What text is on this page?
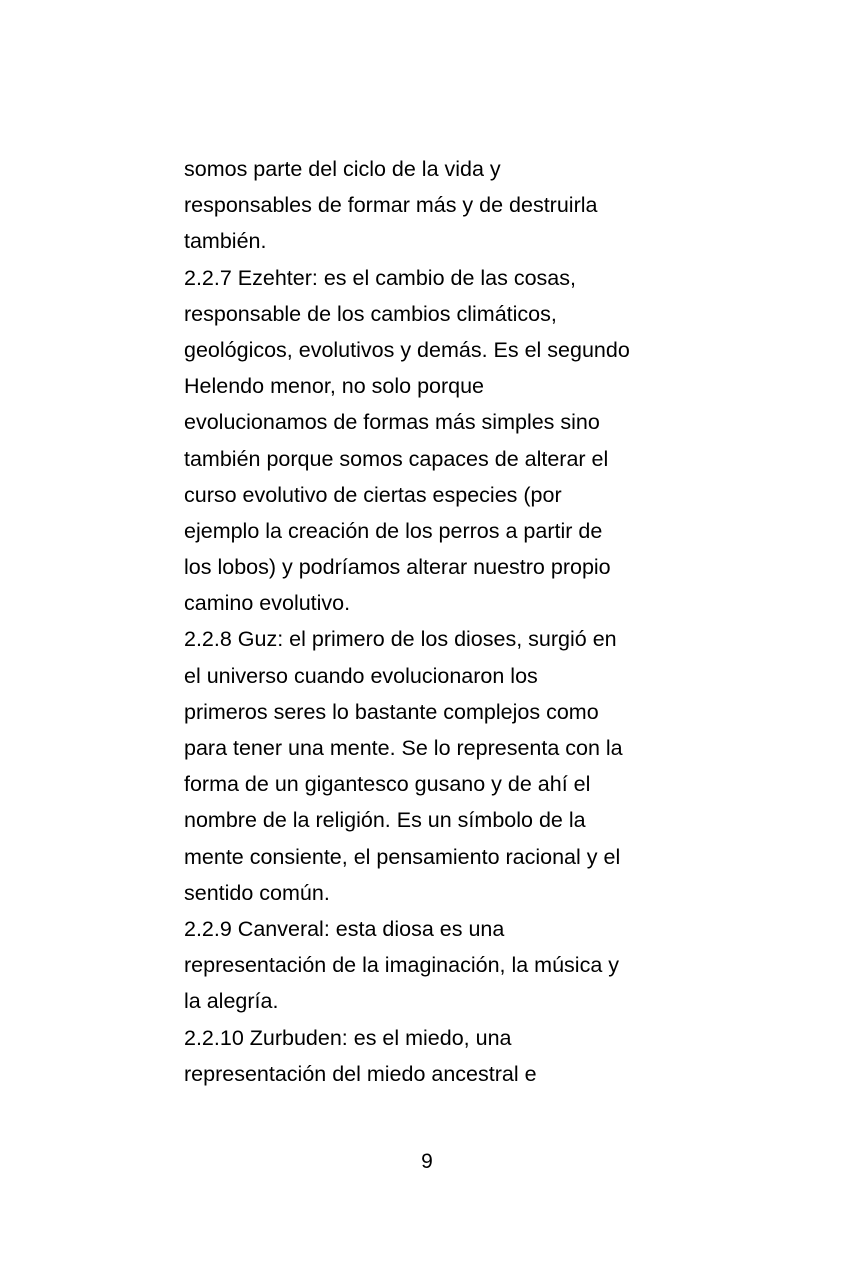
somos parte del ciclo de la vida y
responsables de formar más y de destruirla
también.
2.2.7 Ezehter: es el cambio de las cosas,
responsable de los cambios climáticos,
geológicos, evolutivos y demás. Es el segundo
Helendo menor, no solo porque
evolucionamos de formas más simples sino
también porque somos capaces de alterar el
curso evolutivo de ciertas especies (por
ejemplo la creación de los perros a partir de
los lobos) y podríamos alterar nuestro propio
camino evolutivo.
2.2.8 Guz: el primero de los dioses, surgió en
el universo cuando evolucionaron los
primeros seres lo bastante complejos como
para tener una mente. Se lo representa con la
forma de un gigantesco gusano y de ahí el
nombre de la religión. Es un símbolo de la
mente consiente, el pensamiento racional y el
sentido común.
2.2.9 Canveral: esta diosa es una
representación de la imaginación, la música y
la alegría.
2.2.10 Zurbuden: es el miedo, una
representación del miedo ancestral e
9
